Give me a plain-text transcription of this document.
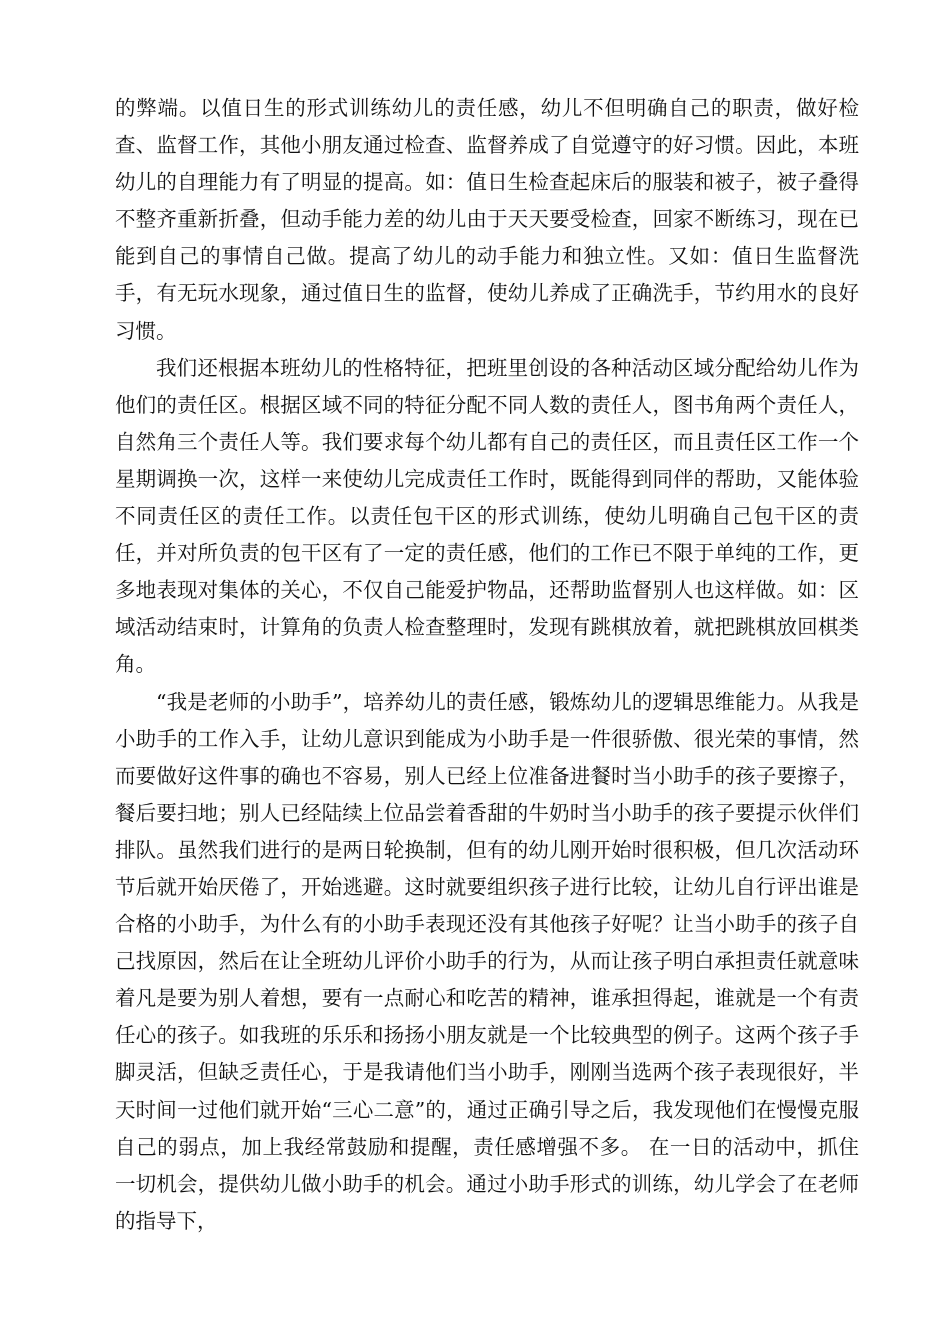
的弊端。以值日生的形式训练幼儿的责任感，幼儿不但明确自己的职责，做好检查、监督工作，其他小朋友通过检查、监督养成了自觉遵守的好习惯。因此，本班幼儿的自理能力有了明显的提高。如：值日生检查起床后的服装和被子，被子叠得不整齐重新折叠，但动手能力差的幼儿由于天天要受检查，回家不断练习，现在已能到自己的事情自己做。提高了幼儿的动手能力和独立性。又如：值日生监督洗手，有无玩水现象，通过值日生的监督，使幼儿养成了正确洗手，节约用水的良好习惯。

我们还根据本班幼儿的性格特征，把班里创设的各种活动区域分配给幼儿作为他们的责任区。根据区域不同的特征分配不同人数的责任人，图书角两个责任人，自然角三个责任人等。我们要求每个幼儿都有自己的责任区，而且责任区工作一个星期调换一次，这样一来使幼儿完成责任工作时，既能得到同伴的帮助，又能体验不同责任区的责任工作。以责任包干区的形式训练，使幼儿明确自己包干区的责任，并对所负责的包干区有了一定的责任感，他们的工作已不限于单纯的工作，更多地表现对集体的关心，不仅自己能爱护物品，还帮助监督别人也这样做。如：区域活动结束时，计算角的负责人检查整理时，发现有跳棋放着，就把跳棋放回棋类角。

“我是老师的小助手”，培养幼儿的责任感，锻炼幼儿的逻辑思维能力。从我是小助手的工作入手，让幼儿意识到能成为小助手是一件很骄傲、很光荣的事情，然而要做好这件事的确也不容易，别人已经上位准备进餐时当小助手的孩子要擦子，餐后要扫地；别人已经陆续上位品尝着香甜的牛奶时当小助手的孩子要提示伙伴们排队。虽然我们进行的是两日轮换制，但有的幼儿刚开始时很积极，但几次活动环节后就开始厌倦了，开始逃避。这时就要组织孩子进行比较，让幼儿自行评出谁是合格的小助手，为什么有的小助手表现还没有其他孩子好呢？让当小助手的孩子自己找原因，然后在让全班幼儿评价小助手的行为，从而让孩子明白承担责任就意味着凡是要为别人着想，要有一点耐心和吃苦的精神，谁承担得起，谁就是一个有责任心的孩子。如我班的乐乐和扬扬小朋友就是一个比较典型的例子。这两个孩子手脚灵活，但缺乏责任心，于是我请他们当小助手，刚刚当选两个孩子表现很好，半天时间一过他们就开始“三心二意”的，通过正确引导之后，我发现他们在慢慢克服自己的弱点，加上我经常鼓励和提醒，责任感增强不多。 在一日的活动中，抓住一切机会，提供幼儿做小助手的机会。通过小助手形式的训练，幼儿学会了在老师的指导下，
